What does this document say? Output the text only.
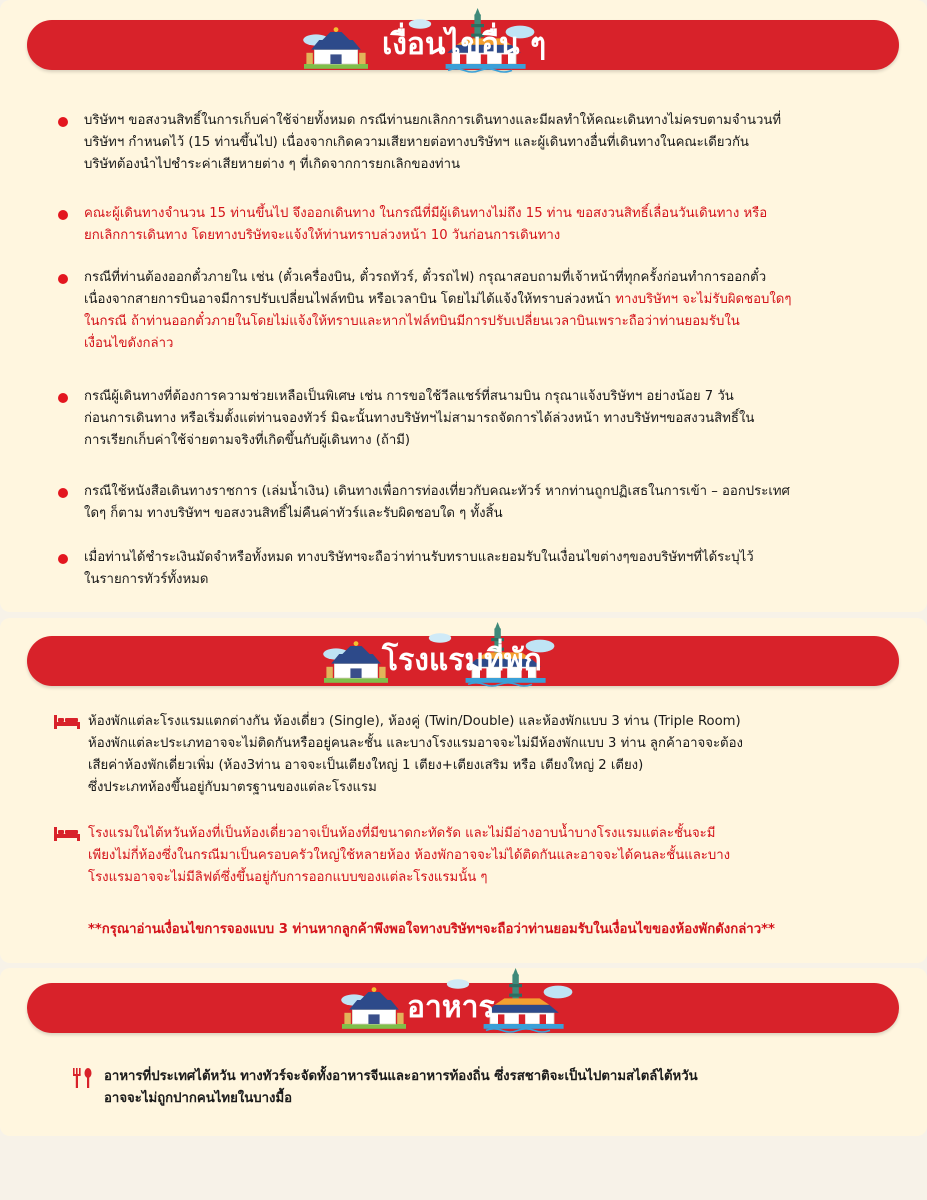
เงื่อนไขอื่น ๆ
บริษัทฯ ขอสงวนสิทธิ์ในการเก็บค่าใช้จ่ายทั้งหมด กรณีท่านยกเลิกการเดินทางและมีผลทำให้คณะเดินทางไม่ครบตามจำนวนที่
บริษัทฯ กำหนดไว้ (15 ท่านขึ้นไป) เนื่องจากเกิดความเสียหายต่อทางบริษัทฯ และผู้เดินทางอื่นที่เดินทางในคณะเดียวกัน
บริษัทต้องนำไปชำระค่าเสียหายต่าง ๆ ที่เกิดจากการยกเลิกของท่าน
คณะผู้เดินทางจำนวน 15 ท่านขึ้นไป จึงออกเดินทาง ในกรณีที่มีผู้เดินทางไม่ถึง 15 ท่าน ขอสงวนสิทธิ์เลื่อนวันเดินทาง หรือ
ยกเลิกการเดินทาง โดยทางบริษัทจะแจ้งให้ท่านทราบล่วงหน้า 10 วันก่อนการเดินทาง
กรณีที่ท่านต้องออกตั๋วภายใน เช่น (ตั๋วเครื่องบิน, ตั๋วรถทัวร์, ตั๋วรถไฟ) กรุณาสอบถามที่เจ้าหน้าที่ทุกครั้งก่อนทำการออกตั๋ว
เนื่องจากสายการบินอาจมีการปรับเปลี่ยนไฟล์ทบิน หรือเวลาบิน โดยไม่ได้แจ้งให้ทราบล่วงหน้า ทางบริษัทฯ จะไม่รับผิดชอบใดๆ
ในกรณี ถ้าท่านออกตั๋วภายในโดยไม่แจ้งให้ทราบและหากไฟล์ทบินมีการปรับเปลี่ยนเวลาบินเพราะถือว่าท่านยอมรับใน
เงื่อนไขดังกล่าว
กรณีผู้เดินทางที่ต้องการความช่วยเหลือเป็นพิเศษ เช่น การขอใช้วีลแชร์ที่สนามบิน กรุณาแจ้งบริษัทฯ อย่างน้อย 7 วัน
ก่อนการเดินทาง หรือเริ่มตั้งแต่ท่านจองทัวร์ มิฉะนั้นทางบริษัทฯไม่สามารถจัดการได้ล่วงหน้า ทางบริษัทฯขอสงวนสิทธิ์ใน
การเรียกเก็บค่าใช้จ่ายตามจริงที่เกิดขึ้นกับผู้เดินทาง (ถ้ามี)
กรณีใช้หนังสือเดินทางราชการ (เล่มน้ำเงิน) เดินทางเพื่อการท่องเที่ยวกับคณะทัวร์ หากท่านถูกปฏิเสธในการเข้า – ออกประเทศ
ใดๆ ก็ตาม ทางบริษัทฯ ขอสงวนสิทธิ์ไม่คืนค่าทัวร์และรับผิดชอบใด ๆ ทั้งสิ้น
เมื่อท่านได้ชำระเงินมัดจำหรือทั้งหมด ทางบริษัทฯจะถือว่าท่านรับทราบและยอมรับในเงื่อนไขต่างๆของบริษัทฯที่ได้ระบุไว้
ในรายการทัวร์ทั้งหมด
โรงแรมที่พัก
ห้องพักแต่ละโรงแรมแตกต่างกัน ห้องเดี่ยว (Single), ห้องคู่ (Twin/Double) และห้องพักแบบ 3 ท่าน (Triple Room)
ห้องพักแต่ละประเภทอาจจะไม่ติดกันหรืออยู่คนละชั้น และบางโรงแรมอาจจะไม่มีห้องพักแบบ 3 ท่าน ลูกค้าอาจจะต้อง
เสียค่าห้องพักเดี่ยวเพิ่ม (ห้อง3ท่าน อาจจะเป็นเตียงใหญ่ 1 เตียง+เตียงเสริม หรือ เตียงใหญ่ 2 เตียง)
ซึ่งประเภทห้องขึ้นอยู่กับมาตรฐานของแต่ละโรงแรม
โรงแรมในไต้หวันห้องที่เป็นห้องเดี่ยวอาจเป็นห้องที่มีขนาดกะทัดรัด และไม่มีอ่างอาบน้ำบางโรงแรมแต่ละชั้นจะมี
เพียงไม่กี่ห้องซึ่งในกรณีมาเป็นครอบครัวใหญ่ใช้หลายห้อง ห้องพักอาจจะไม่ได้ติดกันและอาจจะได้คนละชั้นและบาง
โรงแรมอาจจะไม่มีลิฟต์ซึ่งขึ้นอยู่กับการออกแบบของแต่ละโรงแรมนั้น ๆ
**กรุณาอ่านเงื่อนไขการจองแบบ 3 ท่านหากลูกค้าพึงพอใจทางบริษัทฯจะถือว่าท่านยอมรับในเงื่อนไขของห้องพักดังกล่าว**
อาหาร
อาหารที่ประเทศไต้หวัน ทางทัวร์จะจัดทั้งอาหารจีนและอาหารท้องถิ่น ซึ่งรสชาติจะเป็นไปตามสไตล์ไต้หวัน
อาจจะไม่ถูกปากคนไทยในบางมื้อ
